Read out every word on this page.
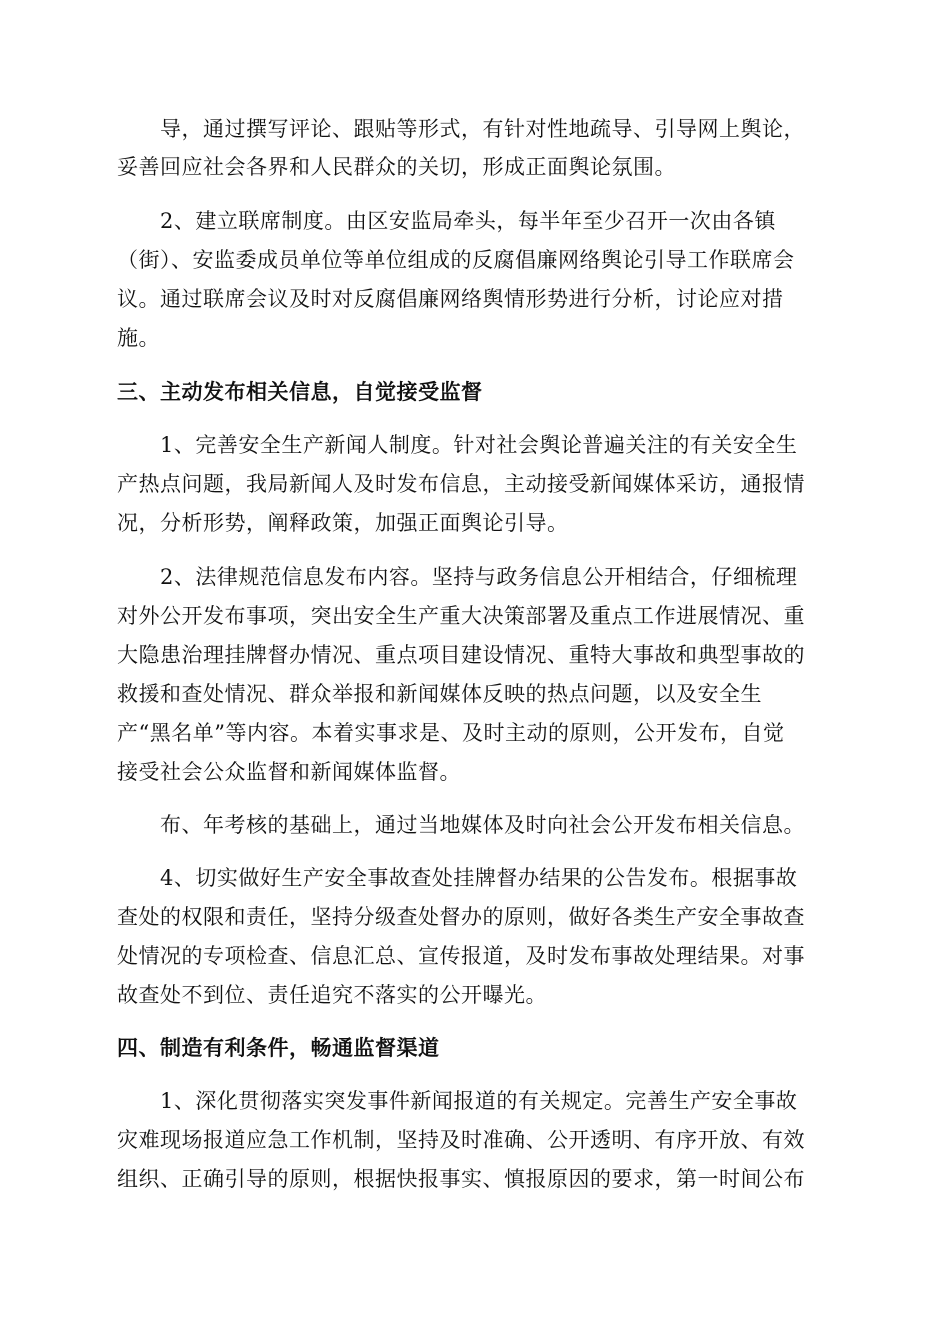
导，通过撰写评论、跟贴等形式，有针对性地疏导、引导网上舆论，
妥善回应社会各界和人民群众的关切，形成正面舆论氛围。
2、建立联席制度。由区安监局牵头，每半年至少召开一次由各镇
（街）、安监委成员单位等单位组成的反腐倡廉网络舆论引导工作联席会
议。通过联席会议及时对反腐倡廉网络舆情形势进行分析，讨论应对措
施。
三、主动发布相关信息，自觉接受监督
1、完善安全生产新闻人制度。针对社会舆论普遍关注的有关安全生
产热点问题，我局新闻人及时发布信息，主动接受新闻媒体采访，通报情
况，分析形势，阐释政策，加强正面舆论引导。
2、法律规范信息发布内容。坚持与政务信息公开相结合，仔细梳理
对外公开发布事项，突出安全生产重大决策部署及重点工作进展情况、重
大隐患治理挂牌督办情况、重点项目建设情况、重特大事故和典型事故的
救援和查处情况、群众举报和新闻媒体反映的热点问题，以及安全生
产“黑名单”等内容。本着实事求是、及时主动的原则，公开发布，自觉
接受社会公众监督和新闻媒体监督。
布、年考核的基础上，通过当地媒体及时向社会公开发布相关信息。
4、切实做好生产安全事故查处挂牌督办结果的公告发布。根据事故
查处的权限和责任，坚持分级查处督办的原则，做好各类生产安全事故查
处情况的专项检查、信息汇总、宣传报道，及时发布事故处理结果。对事
故查处不到位、责任追究不落实的公开曝光。
四、制造有利条件，畅通监督渠道
1、深化贯彻落实突发事件新闻报道的有关规定。完善生产安全事故
灾难现场报道应急工作机制，坚持及时准确、公开透明、有序开放、有效
组织、正确引导的原则，根据快报事实、慎报原因的要求，第一时间公布
